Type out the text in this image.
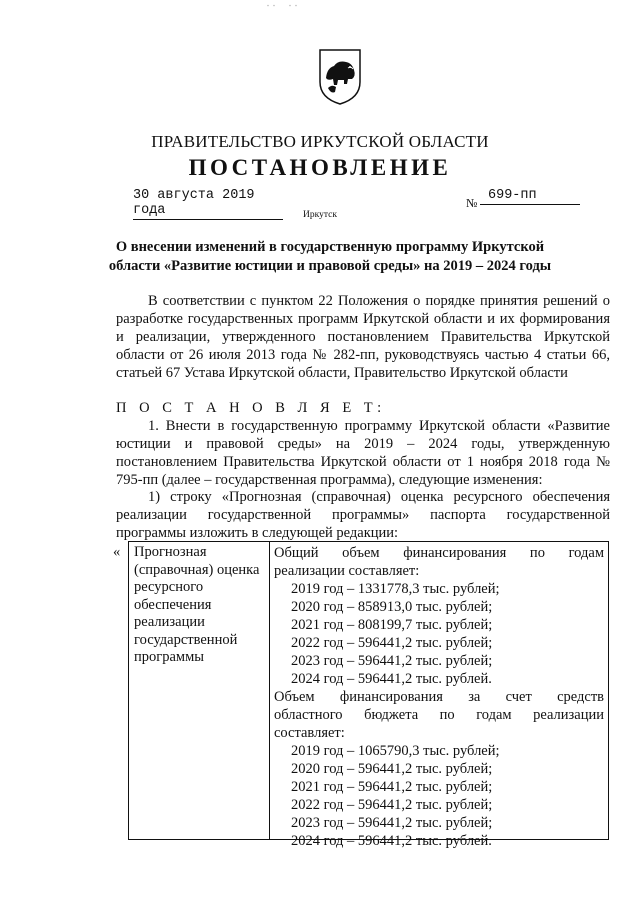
ПРАВИТЕЛЬСТВО ИРКУТСКОЙ ОБЛАСТИ
ПОСТАНОВЛЕНИЕ
30 августа 2019 года	№ 699-пп
Иркутск
О внесении изменений в государственную программу Иркутской
области «Развитие юстиции и правовой среды» на 2019 – 2024 годы
В соответствии с пунктом 22 Положения о порядке принятия решений о разработке государственных программ Иркутской области и их формирования и реализации, утвержденного постановлением Правительства Иркутской области от 26 июля 2013 года № 282-пп, руководствуясь частью 4 статьи 66, статьей 67 Устава Иркутской области, Правительство Иркутской области
П О С Т А Н О В Л Я Е Т:
1. Внести в государственную программу Иркутской области «Развитие юстиции и правовой среды» на 2019 – 2024 годы, утвержденную постановлением Правительства Иркутской области от 1 ноября 2018 года № 795-пп (далее – государственная программа), следующие изменения:
1) строку «Прогнозная (справочная) оценка ресурсного обеспечения реализации государственной программы» паспорта государственной программы изложить в следующей редакции:
« Прогнозная
(справочная) оценка
ресурсного
обеспечения
реализации
государственной
программы
Общий объем финансирования по годам
реализации составляет:
2019 год – 1331778,3 тыс. рублей;
2020 год – 858913,0 тыс. рублей;
2021 год – 808199,7 тыс. рублей;
2022 год – 596441,2 тыс. рублей;
2023 год – 596441,2 тыс. рублей;
2024 год – 596441,2 тыс. рублей.
Объем финансирования за счет средств
областного бюджета по годам реализации
составляет:
2019 год – 1065790,3 тыс. рублей;
2020 год – 596441,2 тыс. рублей;
2021 год – 596441,2 тыс. рублей;
2022 год – 596441,2 тыс. рублей;
2023 год – 596441,2 тыс. рублей;
2024 год – 596441,2 тыс. рублей.
